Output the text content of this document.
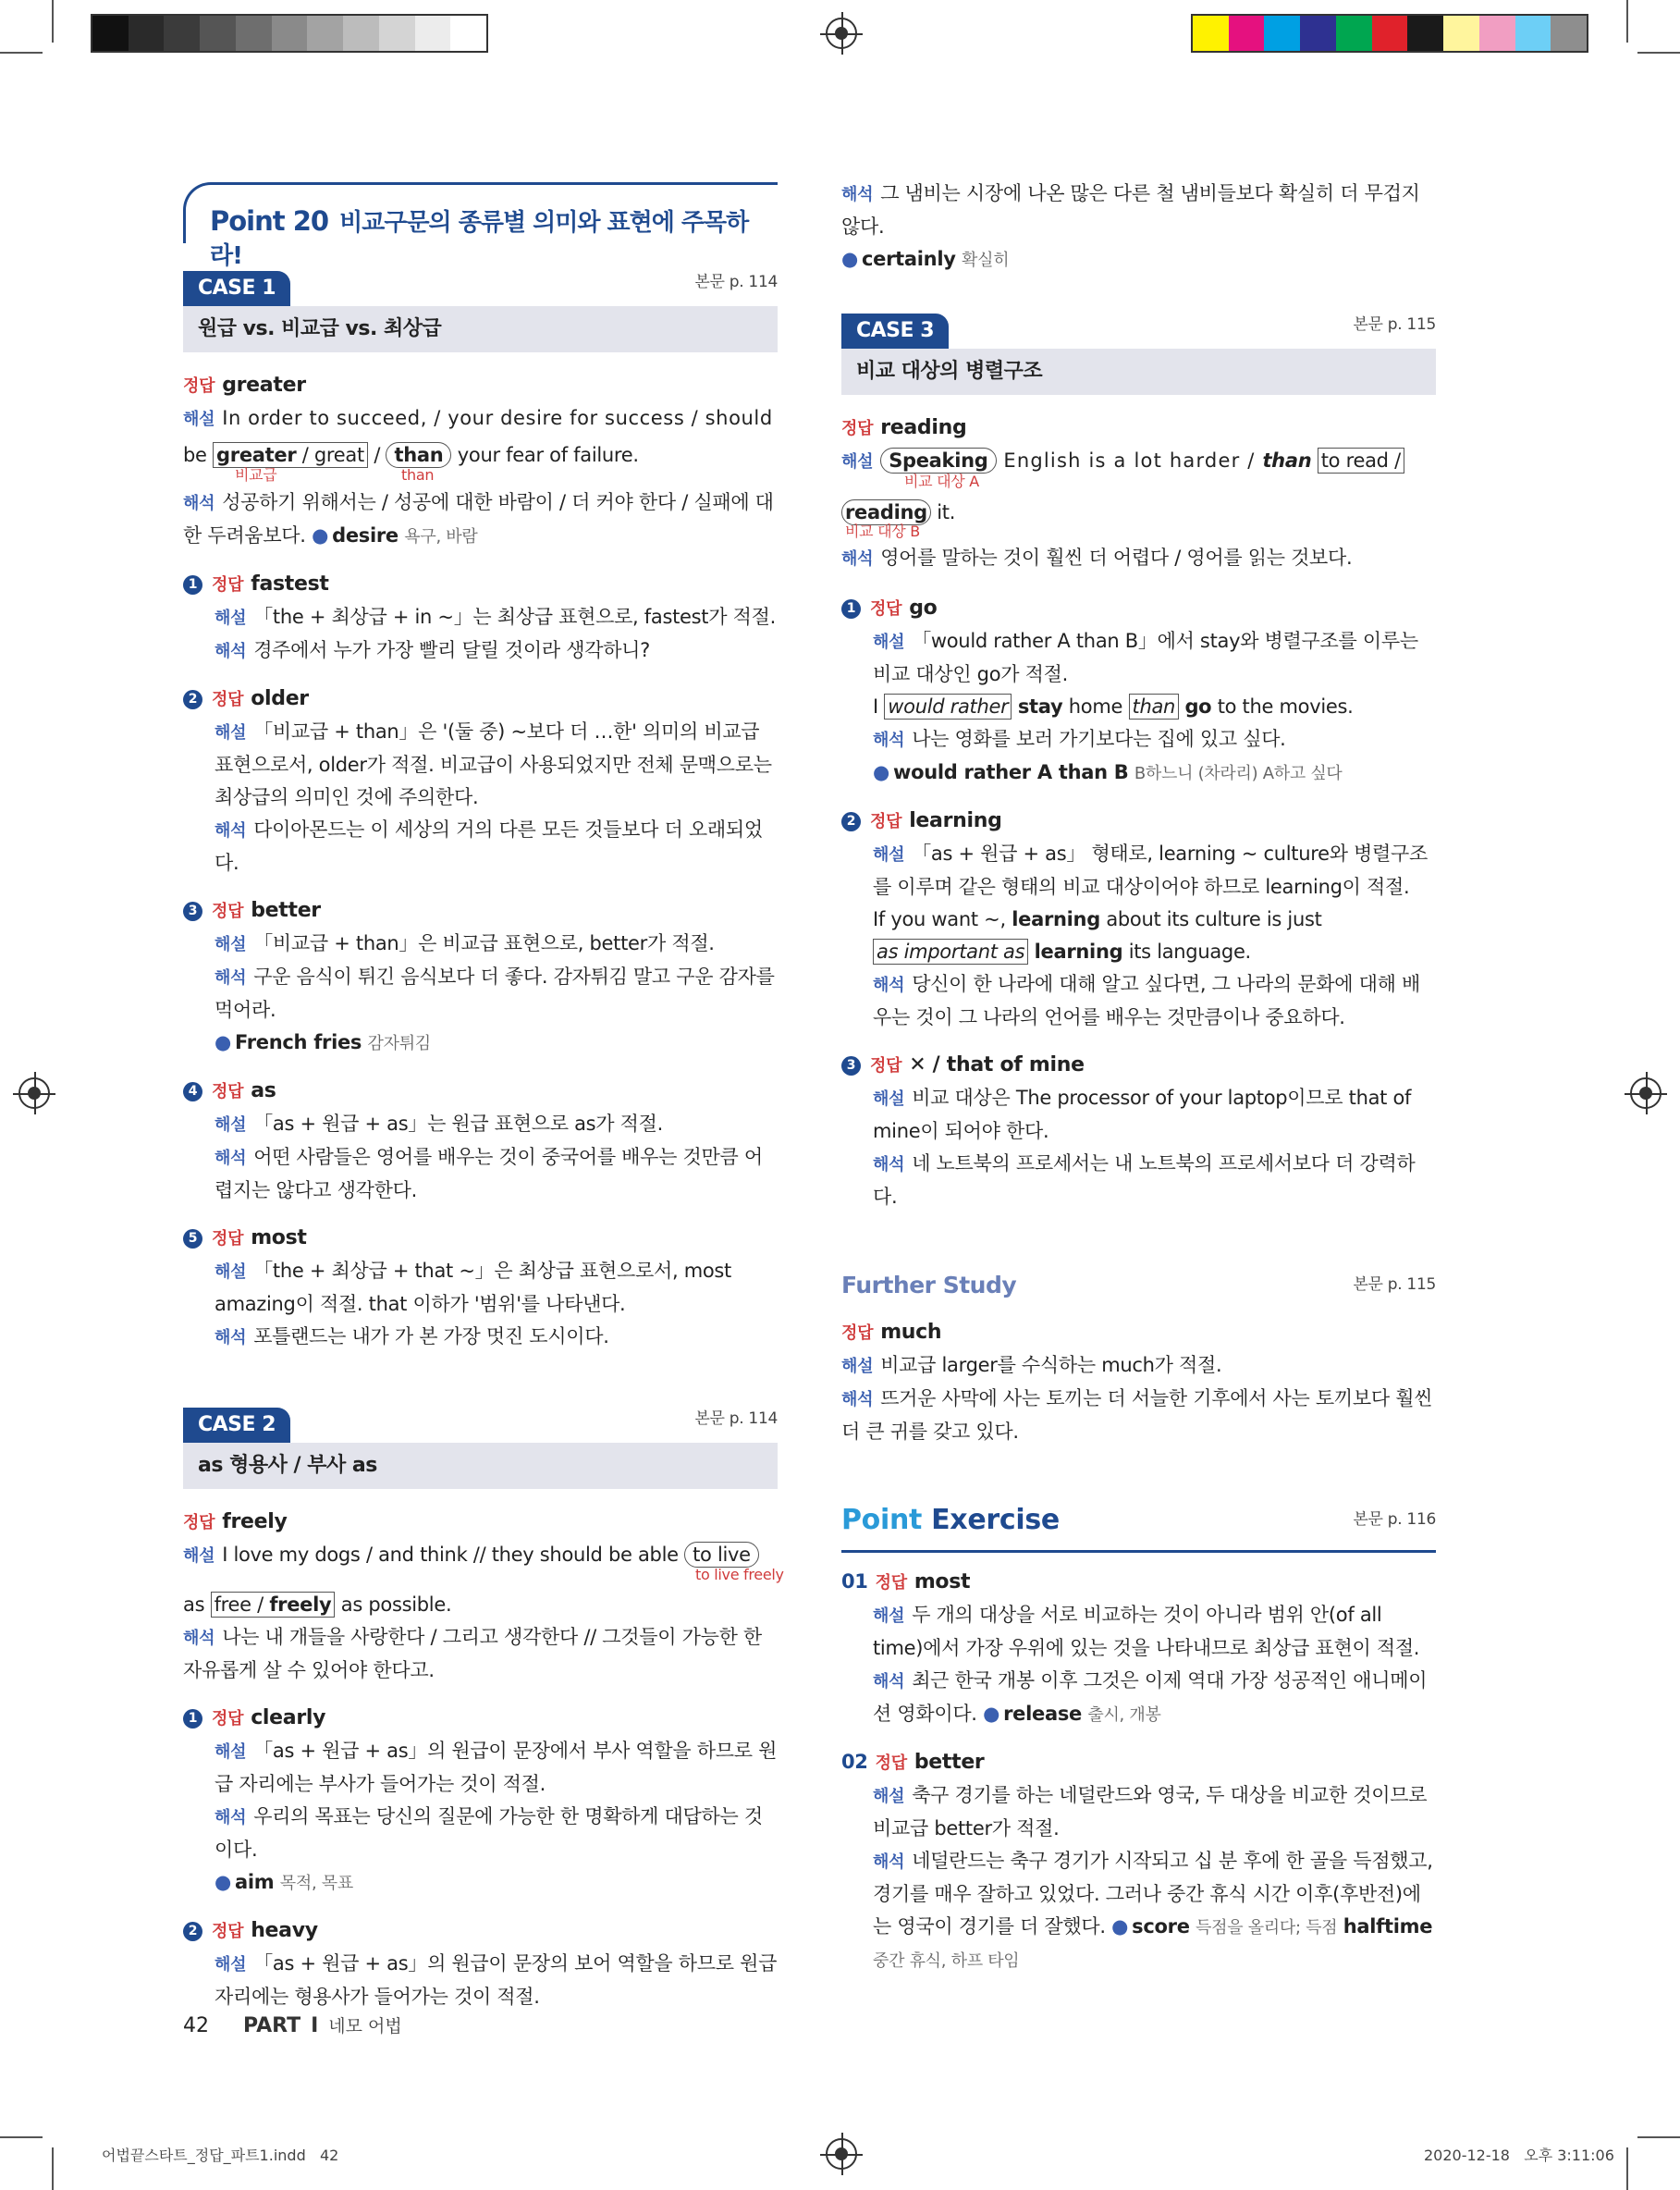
Point 20 비교구문의 종류별 의미와 표현에 주목하라!
CASE 1	본문 p. 114
원급 vs. 비교급 vs. 최상급
정답 greater
해설 In order to succeed, / your desire for success / should
be greater / great / than your fear of failure.
비교급	than
해석 성공하기 위해서는 / 성공에 대한 바람이 / 더 커야 한다 / 실패에 대한 두려움보다. ● desire 욕구, 바람
1 정답 fastest
해설 「the + 최상급 + in ~」는 최상급 표현으로, fastest가 적절.
해석 경주에서 누가 가장 빨리 달릴 것이라 생각하니?
2 정답 older
해설 「비교급 + than」은 '(둘 중) ~보다 더 …한' 의미의 비교급 표현으로서, older가 적절. 비교급이 사용되었지만 전체 문맥으로는 최상급의 의미인 것에 주의한다.
해석 다이아몬드는 이 세상의 거의 다른 모든 것들보다 더 오래되었다.
3 정답 better
해설 「비교급 + than」은 비교급 표현으로, better가 적절.
해석 구운 음식이 튀긴 음식보다 더 좋다. 감자튀김 말고 구운 감자를 먹어라.
● French fries 감자튀김
4 정답 as
해설 「as + 원급 + as」는 원급 표현으로 as가 적절.
해석 어떤 사람들은 영어를 배우는 것이 중국어를 배우는 것만큼 어렵지는 않다고 생각한다.
5 정답 most
해설 「the + 최상급 + that ~」은 최상급 표현으로서, most amazing이 적절. that 이하가 '범위'를 나타낸다.
해석 포틀랜드는 내가 가 본 가장 멋진 도시이다.
CASE 2	본문 p. 114
as 형용사 / 부사 as
정답 freely
해설 I love my dogs / and think // they should be able to live
to live freely
as free / freely as possible.
해석 나는 내 개들을 사랑한다 / 그리고 생각한다 // 그것들이 가능한 한 자유롭게 살 수 있어야 한다고.
1 정답 clearly
해설 「as + 원급 + as」의 원급이 문장에서 부사 역할을 하므로 원급 자리에는 부사가 들어가는 것이 적절.
해석 우리의 목표는 당신의 질문에 가능한 한 명확하게 대답하는 것이다.
● aim 목적, 목표
2 정답 heavy
해설 「as + 원급 + as」의 원급이 문장의 보어 역할을 하므로 원급 자리에는 형용사가 들어가는 것이 적절.
해석 그 냄비는 시장에 나온 많은 다른 철 냄비들보다 확실히 더 무겁지 않다.
● certainly 확실히
CASE 3	본문 p. 115
비교 대상의 병렬구조
정답 reading
해설 Speaking English is a lot harder / than to read /
비교 대상 A
reading it.
비교 대상 B
해석 영어를 말하는 것이 훨씬 더 어렵다 / 영어를 읽는 것보다.
1 정답 go
해설 「would rather A than B」에서 stay와 병렬구조를 이루는 비교 대상인 go가 적절.
I would rather stay home than go to the movies.
해석 나는 영화를 보러 가기보다는 집에 있고 싶다.
● would rather A than B B하느니 (차라리) A하고 싶다
2 정답 learning
해설 「as + 원급 + as」 형태로, learning ~ culture와 병렬구조를 이루며 같은 형태의 비교 대상이어야 하므로 learning이 적절.
If you want ~, learning about its culture is just
as important as learning its language.
해석 당신이 한 나라에 대해 알고 싶다면, 그 나라의 문화에 대해 배우는 것이 그 나라의 언어를 배우는 것만큼이나 중요하다.
3 정답 ✕ / that of mine
해설 비교 대상은 The processor of your laptop이므로 that of mine이 되어야 한다.
해석 네 노트북의 프로세서는 내 노트북의 프로세서보다 더 강력하다.
Further Study	본문 p. 115
정답 much
해설 비교급 larger를 수식하는 much가 적절.
해석 뜨거운 사막에 사는 토끼는 더 서늘한 기후에서 사는 토끼보다 훨씬 더 큰 귀를 갖고 있다.
Point Exercise	본문 p. 116
01 정답 most
해설 두 개의 대상을 서로 비교하는 것이 아니라 범위 안(of all time)에서 가장 우위에 있는 것을 나타내므로 최상급 표현이 적절.
해석 최근 한국 개봉 이후 그것은 이제 역대 가장 성공적인 애니메이션 영화이다. ● release 출시, 개봉
02 정답 better
해설 축구 경기를 하는 네덜란드와 영국, 두 대상을 비교한 것이므로 비교급 better가 적절.
해석 네덜란드는 축구 경기가 시작되고 십 분 후에 한 골을 득점했고, 경기를 매우 잘하고 있었다. 그러나 중간 휴식 시간 이후(후반전)에는 영국이 경기를 더 잘했다. ● score 득점을 올리다; 득점 halftime 중간 휴식, 하프 타임
42 PART I 네모 어법
어법끝스타트_정답_파트1.indd   42	2020-12-18   오후 3:11:06
